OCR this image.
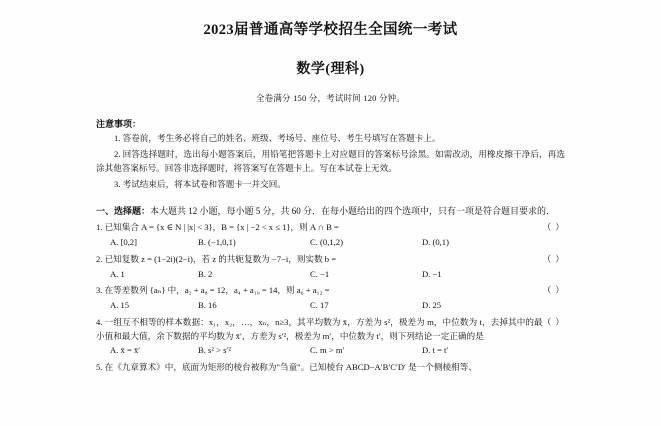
2023届普通高等学校招生全国统一考试
数学(理科)
全卷满分 150 分，考试时间 120 分钟。
注意事项：
1. 答卷前，考生务必将自己的姓名、班级、考场号、座位号、考生号填写在答题卡上。
2. 回答选择题时，选出每小题答案后，用铅笔把答题卡上对应题目的答案标号涂黑。如需改动，用橡皮擦干净后，再选涂其他答案标号。回答非选择题时，将答案写在答题卡上。写在本试卷上无效。
3. 考试结束后，将本试卷和答题卡一并交回。
一、选择题：本大题共 12 小题，每小题 5 分，共 60 分．在每小题给出的四个选项中，只有一项是符合题目要求的．
（ ）
1. 已知集合 A = {x ∈ N | |x| < 3}，B = {x | −2 < x ≤ 1}，则 A ∩ B =
A. [0,2]	B. (−1,0,1)	C. (0,1,2)	D. (0,1)
（ ）
2. 已知复数 z = (1−2i)(2−i)，若 z 的共轭复数为 −7−i，则实数 b =
A. 1	B. 2	C. −1	D. −1
（ ）
3. 在等差数列 {aₙ} 中，a₂ + a₈ = 12，a₄ + a₁₀ = 14，则 a₆ + a₁₂ =
A. 15	B. 16	C. 17	D. 25
（ ）
4. 一组互不相等的样本数据：x₁，x₂，…，xₙ，n≥3，其平均数为 x̄，方差为 s²，极差为 m，中位数为 t，去掉其中的最小值和最大值，余下数据的平均数为 x̄′，方差为 s′²，极差为 m′，中位数为 t′，则下列结论一定正确的是
A. x̄ = x̄′	B. s² > s′²	C. m > m′	D. t = t′
5. 在《九章算术》中，底面为矩形的棱台被称为"刍童"。已知棱台 ABCD−A′B′C′D′ 是一个侧棱相等、
